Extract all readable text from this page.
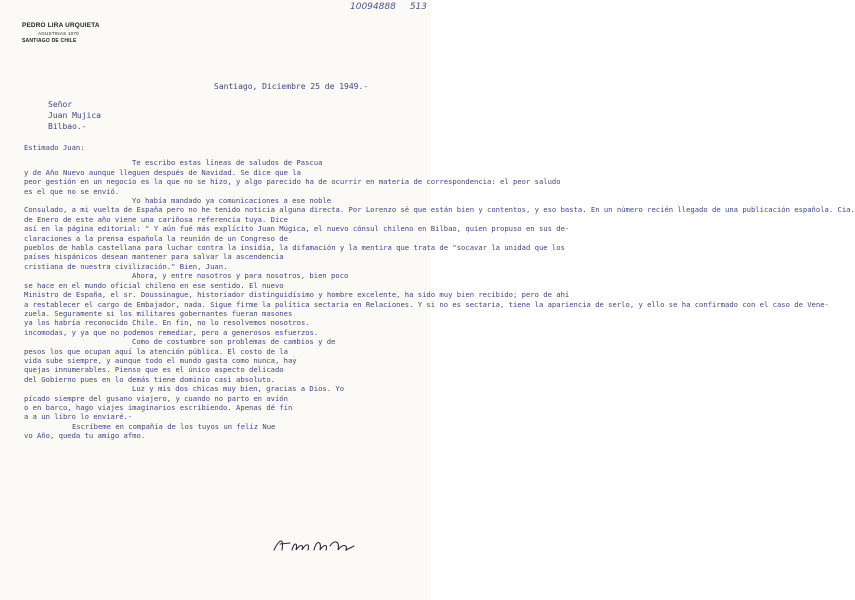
10094888 513
PEDRO LIRA URQUIETA
AGUSTINAS 1070
SANTIAGO DE CHILE
Santiago, Diciembre 25 de 1949.-
Señor
Juan Mujica
Bilbao.-
Estimado Juan:
Te escribo estas líneas de saludos de Pascua
y de Año Nuevo aunque lleguen después de Navidad. Se dice que la
peor gestión en un negocio es la que no se hizo, y algo parecido ha de ocurrir en materia de correspondencia: el peor saludo
es el que no se envió.
Yo había mandado ya comunicaciones a ese noble
Consulado, a mi vuelta de España pero no he tenido noticia alguna directa. Por Lorenzo sé que están bien y contentos, y eso basta. En un número recién llegado de una publicación española. Cia.
de Enero de este año viene una cariñosa referencia tuya. Dice
así en la página editorial: " Y aún fué más explícito Juan Múgica, el nuevo cónsul chileno en Bilbao, quien propuso en sus de-
claraciones a la prensa española la reunión de un Congreso de
pueblos de habla castellana para luchar contra la insidia, la difamación y la mentira que trata de "socavar la unidad que los
países hispánicos desean mantener para salvar la ascendencia
cristiana de nuestra civilización." Bien, Juan.
Ahora, y entre nosotros y para nosotros, bien poco
se hace en el mundo oficial chileno en ese sentido. El nuevo
Ministro de España, el sr. Doussinague, historiador distinguidísimo y hombre excelente, ha sido muy bien recibido; pero de ahí
a restablecer el cargo de Embajador, nada. Sigue firme la política sectaria en Relaciones. Y si no es sectaria, tiene la apariencia de serlo, y ello se ha confirmado con el caso de Vene-
zuela. Seguramente si los militares gobernantes fueran masones
ya los habría reconocido Chile. En fin, no lo resolvemos nosotros.
incomodas, y ya que no podemos remediar, pero a generosos esfuerzos.
Como de costumbre son problemas de cambios y de
pesos los que ocupan aquí la atención pública. El costo de la
vida sube siempre, y aunque todo el mundo gasta como nunca, hay
quejas innumerables. Pienso que es el único aspecto delicado
del Gobierno pues en lo demás tiene dominio casi absoluto.
Luz y mis dos chicas muy bien, gracias a Dios. Yo
pícado siempre del gusano viajero, y cuando no parto en avión
o en barco, hago viajes imaginarios escribiendo. Apenas dé fin
a a un libro lo enviaré.-
Escríbeme en compañía de los tuyos un feliz Nue
vo Año, queda tu amigo afmo.
